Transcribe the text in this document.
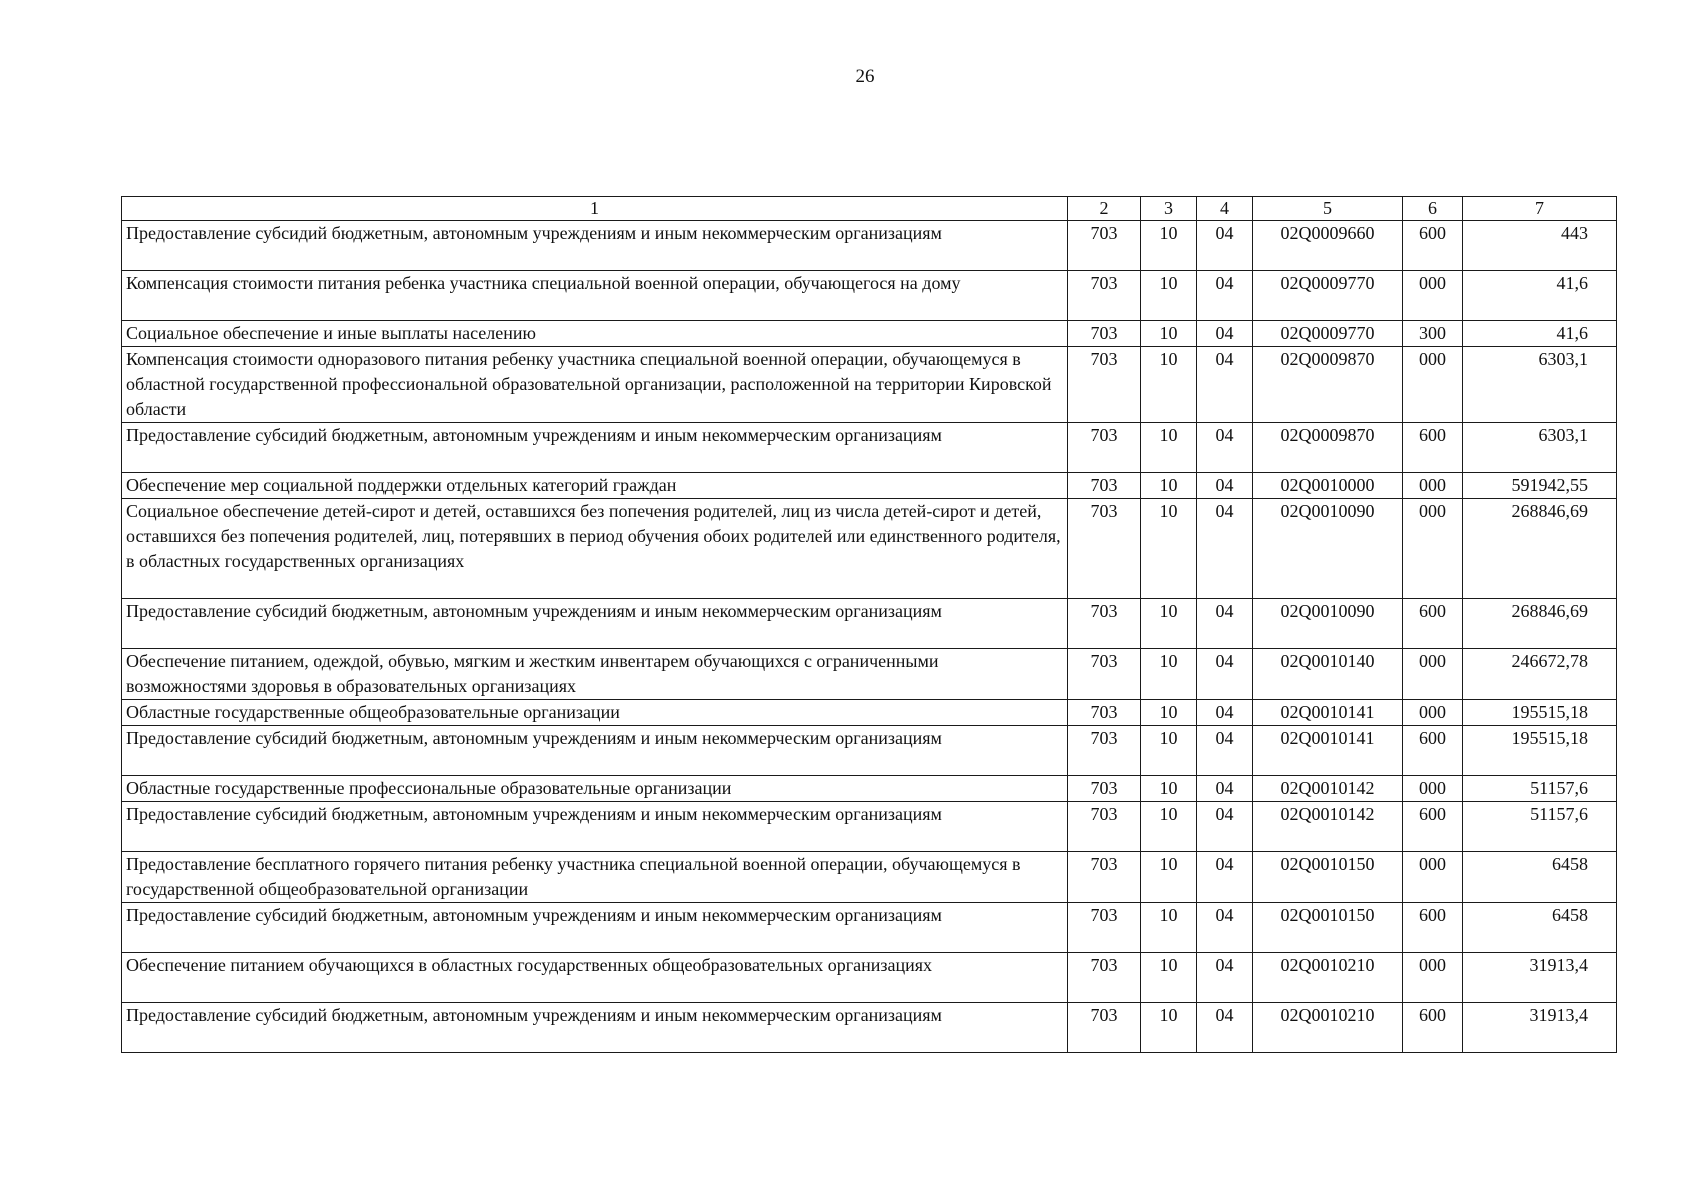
26
1	2	3	4	5	6	7
Предоставление субсидий бюджетным, автономным учреждениям и иным некоммерческим организациям	703	10	04	02Q0009660	600	443
Компенсация стоимости питания ребенка участника специальной военной операции, обучающегося на дому	703	10	04	02Q0009770	000	41,6
Социальное обеспечение и иные выплаты населению	703	10	04	02Q0009770	300	41,6
Компенсация стоимости одноразового питания ребенку участника специальной военной операции, обучающемуся в областной государственной профессиональной образовательной организации, расположенной на территории Кировской области	703	10	04	02Q0009870	000	6303,1
Предоставление субсидий бюджетным, автономным учреждениям и иным некоммерческим организациям	703	10	04	02Q0009870	600	6303,1
Обеспечение мер социальной поддержки отдельных категорий граждан	703	10	04	02Q0010000	000	591942,55
Социальное обеспечение детей-сирот и детей, оставшихся без попечения родителей, лиц из числа детей-сирот и детей, оставшихся без попечения родителей, лиц, потерявших в период обучения обоих родителей или единственного родителя, в областных государственных организациях	703	10	04	02Q0010090	000	268846,69
Предоставление субсидий бюджетным, автономным учреждениям и иным некоммерческим организациям	703	10	04	02Q0010090	600	268846,69
Обеспечение питанием, одеждой, обувью, мягким и жестким инвентарем обучающихся с ограниченными возможностями здоровья в образовательных организациях	703	10	04	02Q0010140	000	246672,78
Областные государственные общеобразовательные организации	703	10	04	02Q0010141	000	195515,18
Предоставление субсидий бюджетным, автономным учреждениям и иным некоммерческим организациям	703	10	04	02Q0010141	600	195515,18
Областные государственные профессиональные образовательные организации	703	10	04	02Q0010142	000	51157,6
Предоставление субсидий бюджетным, автономным учреждениям и иным некоммерческим организациям	703	10	04	02Q0010142	600	51157,6
Предоставление бесплатного горячего питания ребенку участника специальной военной операции, обучающемуся в государственной общеобразовательной организации	703	10	04	02Q0010150	000	6458
Предоставление субсидий бюджетным, автономным учреждениям и иным некоммерческим организациям	703	10	04	02Q0010150	600	6458
Обеспечение питанием обучающихся в областных государственных общеобразовательных организациях	703	10	04	02Q0010210	000	31913,4
Предоставление субсидий бюджетным, автономным учреждениям и иным некоммерческим организациям	703	10	04	02Q0010210	600	31913,4
